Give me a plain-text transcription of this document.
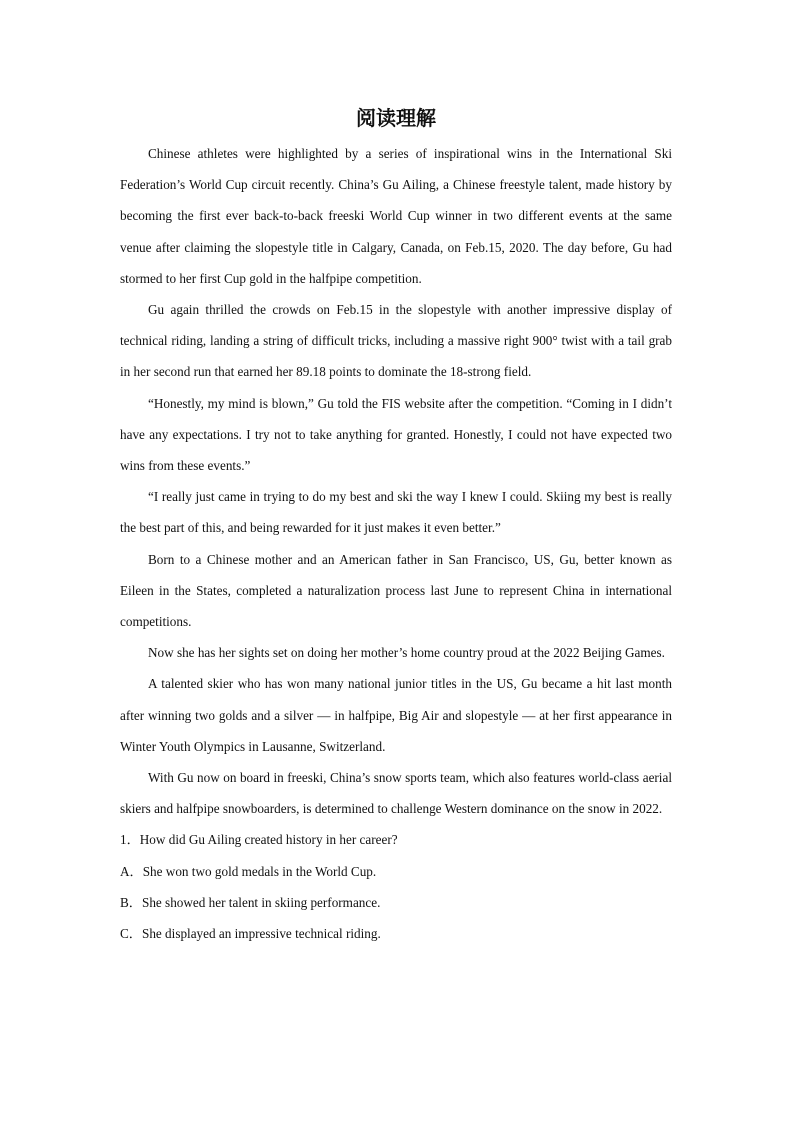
阅读理解

Chinese athletes were highlighted by a series of inspirational wins in the International Ski Federation’s World Cup circuit recently. China’s Gu Ailing, a Chinese freestyle talent, made history by becoming the first ever back-to-back freeski World Cup winner in two different events at the same venue after claiming the slopestyle title in Calgary, Canada, on Feb.15, 2020. The day before, Gu had stormed to her first Cup gold in the halfpipe competition.

Gu again thrilled the crowds on Feb.15 in the slopestyle with another impressive display of technical riding, landing a string of difficult tricks, including a massive right 900° twist with a tail grab in her second run that earned her 89.18 points to dominate the 18-strong field.

“Honestly, my mind is blown,” Gu told the FIS website after the competition. “Coming in I didn’t have any expectations. I try not to take anything for granted. Honestly, I could not have expected two wins from these events.”

“I really just came in trying to do my best and ski the way I knew I could. Skiing my best is really the best part of this, and being rewarded for it just makes it even better.”

Born to a Chinese mother and an American father in San Francisco, US, Gu, better known as Eileen in the States, completed a naturalization process last June to represent China in international competitions.

Now she has her sights set on doing her mother’s home country proud at the 2022 Beijing Games.

A talented skier who has won many national junior titles in the US, Gu became a hit last month after winning two golds and a silver — in halfpipe, Big Air and slopestyle — at her first appearance in Winter Youth Olympics in Lausanne, Switzerland.

With Gu now on board in freeski, China’s snow sports team, which also features world-class aerial skiers and halfpipe snowboarders, is determined to challenge Western dominance on the snow in 2022.

1．How did Gu Ailing created history in her career?

A．She won two gold medals in the World Cup.

B．She showed her talent in skiing performance.

C．She displayed an impressive technical riding.
